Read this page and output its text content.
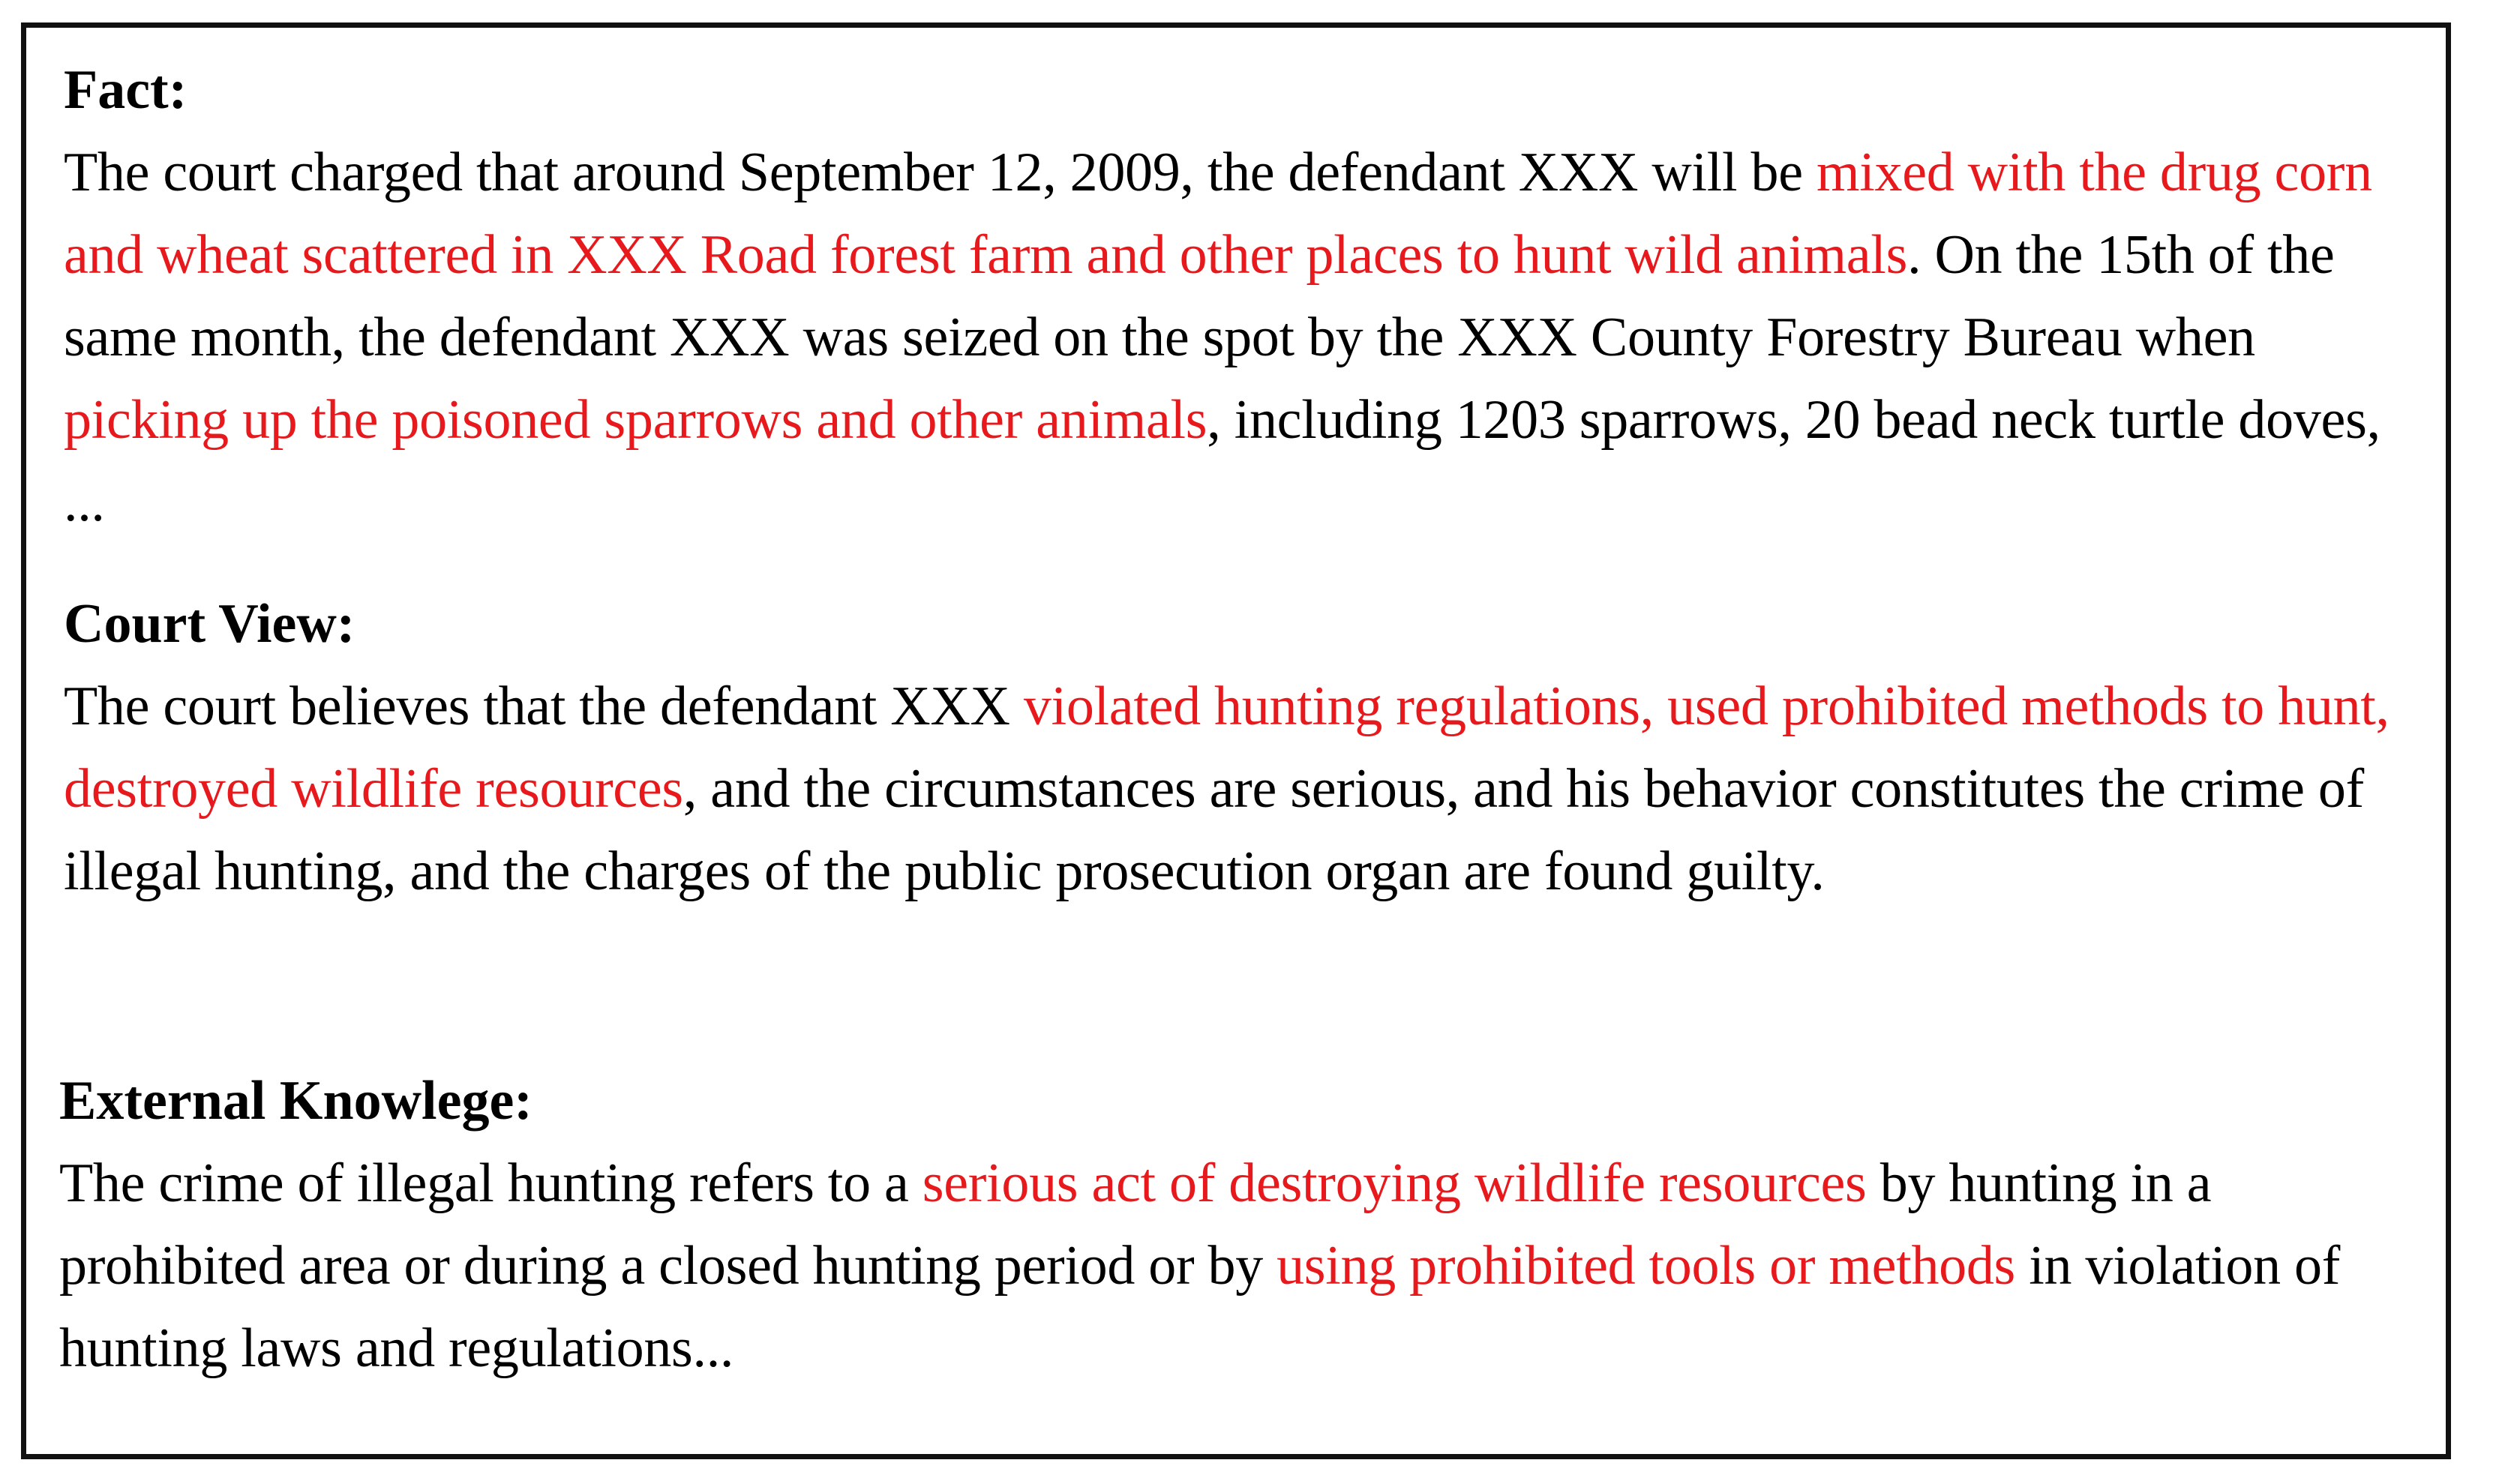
Fact:

The court charged that around September 12, 2009, the defendant XXX will be mixed with the drug corn and wheat scattered in XXX Road forest farm and other places to hunt wild animals. On the 15th of the same month, the defendant XXX was seized on the spot by the XXX County Forestry Bureau when picking up the poisoned sparrows and other animals, including 1203 sparrows, 20 bead neck turtle doves, ...

Court View:

The court believes that the defendant XXX violated hunting regulations, used prohibited methods to hunt, destroyed wildlife resources, and the circumstances are serious, and his behavior constitutes the crime of illegal hunting, and the charges of the public prosecution organ are found guilty.

External Knowlege:

The crime of illegal hunting refers to a serious act of destroying wildlife resources by hunting in a prohibited area or during a closed hunting period or by using prohibited tools or methods in violation of hunting laws and regulations...
